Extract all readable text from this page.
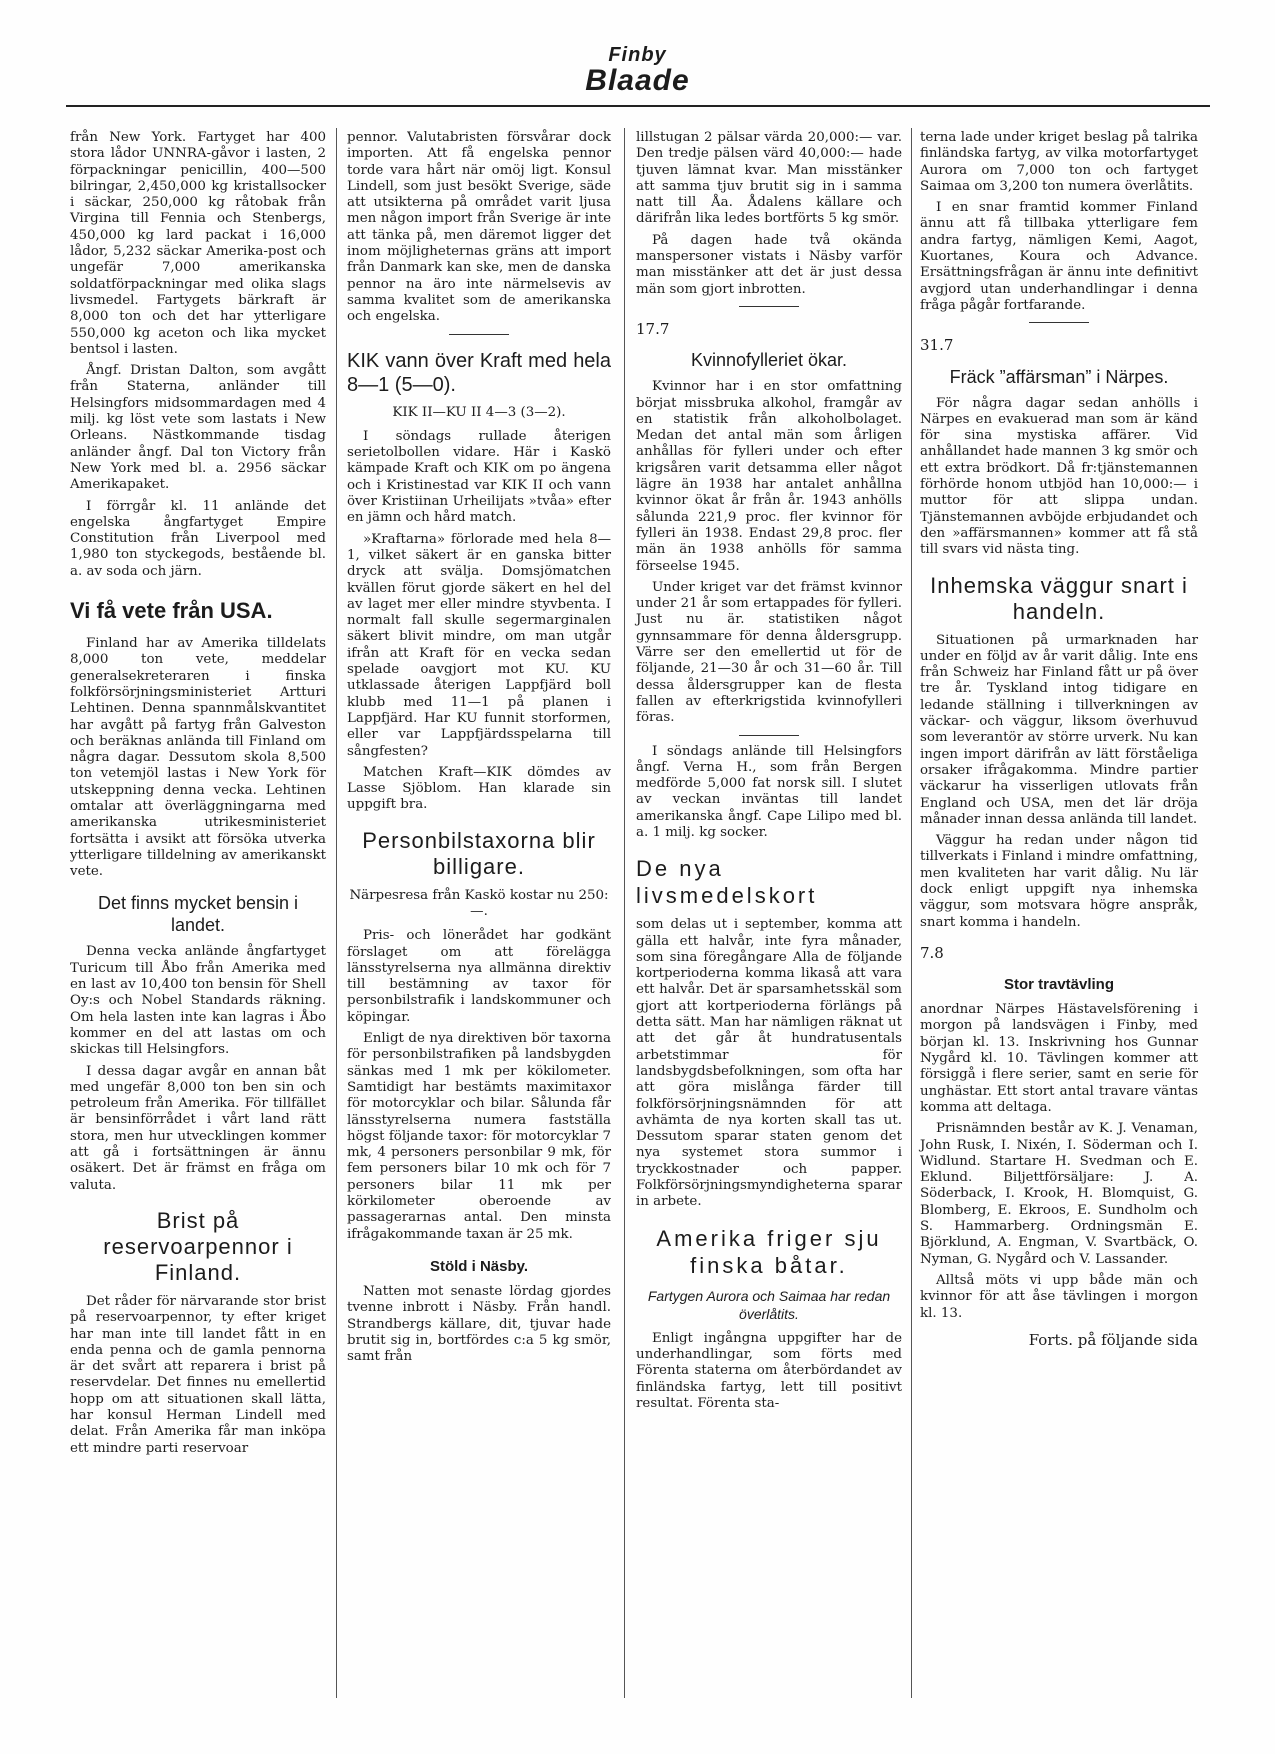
Finby
Blaade

från New York. Fartyget har 400 stora lådor UNNRA-gåvor i lasten, 2 förpackningar penicillin, 400—500 bilringar, 2,450,000 kg kristallsocker i säckar, 250,000 kg råtobak från Virgina till Fennia och Stenbergs, 450,000 kg lard packat i 16,000 lådor, 5,232 säckar Amerika-post och ungefär 7,000 amerikanska soldatförpackningar med olika slags livsmedel. Fartygets bärkraft är 8,000 ton och det har ytterligare 550,000 kg aceton och lika mycket bentsol i lasten.

Ångf. Dristan Dalton, som avgått från Staterna, anländer till Helsingfors midsommardagen med 4 milj. kg löst vete som lastats i New Orleans. Nästkommande tisdag anländer ångf. Dal ton Victory från New York med bl. a. 2956 säckar Amerikapaket.

I förrgår kl. 11 anlände det engelska ångfartyget Empire Constitution från Liverpool med 1,980 ton styckegods, bestående bl. a. av soda och järn.

Vi få vete från USA.

Finland har av Amerika tilldelats 8,000 ton vete, meddelar generalsekreteraren i finska folkförsörjningsministeriet Artturi Lehtinen. Denna spannmålskvantitet har avgått på fartyg från Galveston och beräknas anlända till Finland om några dagar. Dessutom skola 8,500 ton vetemjöl lastas i New York för utskeppning denna vecka. Lehtinen omtalar att överläggningarna med amerikanska utrikesministeriet fortsätta i avsikt att försöka utverka ytterligare tilldelning av amerikanskt vete.

Det finns mycket bensin i landet.

Denna vecka anlände ångfartyget Turicum till Åbo från Amerika med en last av 10,400 ton bensin för Shell Oy:s och Nobel Standards räkning. Om hela lasten inte kan lagras i Åbo kommer en del att lastas om och skickas till Helsingfors.

I dessa dagar avgår en annan båt med ungefär 8,000 ton ben sin och petroleum från Amerika. För tillfället är bensinförrådet i vårt land rätt stora, men hur utvecklingen kommer att gå i fortsättningen är ännu osäkert. Det är främst en fråga om valuta.

Brist på reservoarpennor i Finland.

Det råder för närvarande stor brist på reservoarpennor, ty efter kriget har man inte till landet fått in en enda penna och de gamla pennorna är det svårt att reparera i brist på reservdelar. Det finnes nu emellertid hopp om att situationen skall lätta, har konsul Herman Lindell med delat. Från Amerika får man inköpa ett mindre parti reservoar

pennor. Valutabristen försvårar dock importen. Att få engelska pennor torde vara hårt när omöj ligt. Konsul Lindell, som just besökt Sverige, säde att utsikterna på området varit ljusa men någon import från Sverige är inte att tänka på, men däremot ligger det inom möjligheternas gräns att import från Danmark kan ske, men de danska pennor na äro inte närmelsevis av samma kvalitet som de amerikanska och engelska.

KIK vann över Kraft med hela 8—1 (5—0).
KIK II—KU II 4—3 (3—2).

I söndags rullade återigen serietolbollen vidare. Här i Kaskö kämpade Kraft och KIK om po ängena och i Kristinestad var KIK II och vann över Kristiinan Urheilijats »tvåa» efter en jämn och hård match.

»Kraftarna» förlorade med hela 8—1, vilket säkert är en ganska bitter dryck att svälja. Domsjömatchen kvällen förut gjorde säkert en hel del av laget mer eller mindre styvbenta. I normalt fall skulle segermarginalen säkert blivit mindre, om man utgår ifrån att Kraft för en vecka sedan spelade oavgjort mot KU. KU utklassade återigen Lappfjärd boll klubb med 11—1 på planen i Lappfjärd. Har KU funnit storformen, eller var Lappfjärdsspelarna till sångfesten?

Matchen Kraft—KIK dömdes av Lasse Sjöblom. Han klarade sin uppgift bra.

Personbilstaxorna blir billigare.
Närpesresa från Kaskö kostar nu 250:—.

Pris- och lönerådet har godkänt förslaget om att förelägga länsstyrelserna nya allmänna direktiv till bestämning av taxor för personbilstrafik i landskommuner och köpingar.

Enligt de nya direktiven bör taxorna för personbilstrafiken på landsbygden sänkas med 1 mk per kökilometer. Samtidigt har bestämts maximitaxor för motorcyklar och bilar. Sålunda får länsstyrelserna numera fastställa högst följande taxor: för motorcyklar 7 mk, 4 personers personbilar 9 mk, för fem personers bilar 10 mk och för 7 personers bilar 11 mk per körkilometer oberoende av passagerarnas antal. Den minsta ifrågakommande taxan är 25 mk.

Stöld i Näsby.

Natten mot senaste lördag gjordes tvenne inbrott i Näsby. Från handl. Strandbergs källare, dit, tjuvar hade brutit sig in, bortfördes c:a 5 kg smör, samt från

lillstugan 2 pälsar värda 20,000:— var. Den tredje pälsen värd 40,000:— hade tjuven lämnat kvar. Man misstänker att samma tjuv brutit sig in i samma natt till Åa. Ådalens källare och därifrån lika ledes bortförts 5 kg smör.

På dagen hade två okända manspersoner vistats i Näsby varför man misstänker att det är just dessa män som gjort inbrotten.

17.7
Kvinnofylleriet ökar.

Kvinnor har i en stor omfattning börjat missbruka alkohol, framgår av en statistik från alkoholbolaget. Medan det antal män som årligen anhållas för fylleri under och efter krigsåren varit detsamma eller något lägre än 1938 har antalet anhållna kvinnor ökat år från år. 1943 anhölls sålunda 221,9 proc. fler kvinnor för fylleri än 1938. Endast 29,8 proc. fler män än 1938 anhölls för samma förseelse 1945.

Under kriget var det främst kvinnor under 21 år som ertappades för fylleri. Just nu är. statistiken något gynnsammare för denna åldersgrupp. Värre ser den emellertid ut för de följande, 21—30 år och 31—60 år. Till dessa åldersgrupper kan de flesta fallen av efterkrigstida kvinnofylleri föras.

I söndags anlände till Helsingfors ångf. Verna H., som från Bergen medförde 5,000 fat norsk sill. I slutet av veckan inväntas till landet amerikanska ångf. Cape Lilipo med bl. a. 1 milj. kg socker.

De nya livsmedelskort

som delas ut i september, komma att gälla ett halvår, inte fyra månader, som sina föregångare Alla de följande kortperioderna komma likaså att vara ett halvår. Det är sparsamhetsskäl som gjort att kortperioderna förlängs på detta sätt. Man har nämligen räknat ut att det går åt hundratusentals arbetstimmar för landsbygdsbefolkningen, som ofta har att göra mislånga färder till folkförsörjningsnämnden för att avhämta de nya korten skall tas ut. Dessutom sparar staten genom det nya systemet stora summor i tryckkostnader och papper. Folkförsörjningsmyndigheterna sparar in arbete.

Amerika friger sju finska båtar.
Fartygen Aurora och Saimaa har redan överlåtits.

Enligt ingångna uppgifter har de underhandlingar, som förts med Förenta staterna om återbördandet av finländska fartyg, lett till positivt resultat. Förenta sta-

terna lade under kriget beslag på talrika finländska fartyg, av vilka motorfartyget Aurora om 7,000 ton och fartyget Saimaa om 3,200 ton numera överlåtits.

I en snar framtid kommer Finland ännu att få tillbaka ytterligare fem andra fartyg, nämligen Kemi, Aagot, Kuortanes, Koura och Advance. Ersättningsfrågan är ännu inte definitivt avgjord utan underhandlingar i denna fråga pågår fortfarande.

31.7
Fräck ”affärsman” i Närpes.

För några dagar sedan anhölls i Närpes en evakuerad man som är känd för sina mystiska affärer. Vid anhållandet hade mannen 3 kg smör och ett extra brödkort. Då fr:tjänstemannen förhörde honom utbjöd han 10,000:— i muttor för att slippa undan. Tjänstemannen avböjde erbjudandet och den »affärsmannen» kommer att få stå till svars vid nästa ting.

Inhemska väggur snart i handeln.

Situationen på urmarknaden har under en följd av år varit dålig. Inte ens från Schweiz har Finland fått ur på över tre år. Tyskland intog tidigare en ledande ställning i tillverkningen av väckar- och väggur, liksom överhuvud som leverantör av större urverk. Nu kan ingen import därifrån av lätt förståeliga orsaker ifrågakomma. Mindre partier väckarur ha visserligen utlovats från England och USA, men det lär dröja månader innan dessa anlända till landet.

Väggur ha redan under någon tid tillverkats i Finland i mindre omfattning, men kvaliteten har varit dålig. Nu lär dock enligt uppgift nya inhemska väggur, som motsvara högre anspråk, snart komma i handeln.

7.8
Stor travtävling

anordnar Närpes Hästavelsförening i morgon på landsvägen i Finby, med början kl. 13. Inskrivning hos Gunnar Nygård kl. 10. Tävlingen kommer att försiggå i flere serier, samt en serie för unghästar. Ett stort antal travare väntas komma att deltaga.

Prisnämnden består av K. J. Venaman, John Rusk, I. Nixén, I. Söderman och I. Widlund. Startare H. Svedman och E. Eklund. Biljettförsäljare: J. A. Söderback, I. Krook, H. Blomquist, G. Blomberg, E. Ekroos, E. Sundholm och S. Hammarberg. Ordningsmän E. Björklund, A. Engman, V. Svartbäck, O. Nyman, G. Nygård och V. Lassander.

Alltså möts vi upp både män och kvinnor för att åse tävlingen i morgon kl. 13.

Forts. på följande sida
